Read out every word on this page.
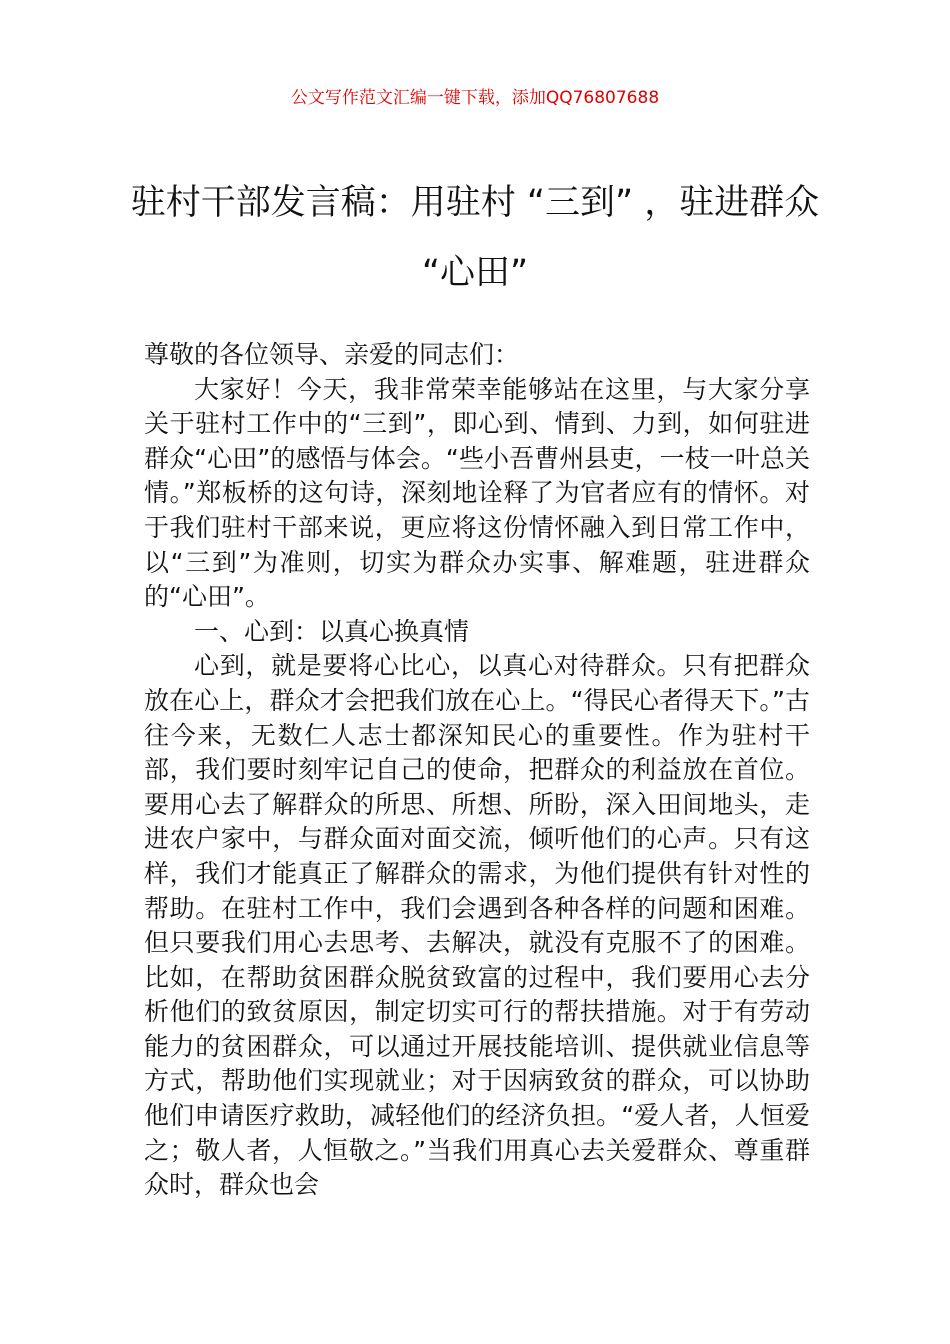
公文写作范文汇编一键下载，添加QQ76807688
驻村干部发言稿：用驻村 “三到” ，驻进群众 “心田”

尊敬的各位领导、亲爱的同志们：

大家好！今天，我非常荣幸能够站在这里，与大家分享关于驻村工作中的“三到”，即心到、情到、力到，如何驻进群众“心田”的感悟与体会。“些小吾曹州县吏，一枝一叶总关情。”郑板桥的这句诗，深刻地诠释了为官者应有的情怀。对于我们驻村干部来说，更应将这份情怀融入到日常工作中，以“三到”为准则，切实为群众办实事、解难题，驻进群众的“心田”。

一、心到：以真心换真情

心到，就是要将心比心，以真心对待群众。只有把群众放在心上，群众才会把我们放在心上。“得民心者得天下。”古往今来，无数仁人志士都深知民心的重要性。作为驻村干部，我们要时刻牢记自己的使命，把群众的利益放在首位。要用心去了解群众的所思、所想、所盼，深入田间地头，走进农户家中，与群众面对面交流，倾听他们的心声。只有这样，我们才能真正了解群众的需求，为他们提供有针对性的帮助。在驻村工作中，我们会遇到各种各样的问题和困难。但只要我们用心去思考、去解决，就没有克服不了的困难。比如，在帮助贫困群众脱贫致富的过程中，我们要用心去分析他们的致贫原因，制定切实可行的帮扶措施。对于有劳动能力的贫困群众，可以通过开展技能培训、提供就业信息等方式，帮助他们实现就业；对于因病致贫的群众，可以协助他们申请医疗救助，减轻他们的经济负担。“爱人者，人恒爱之；敬人者，人恒敬之。”当我们用真心去关爱群众、尊重群众时，群众也会
